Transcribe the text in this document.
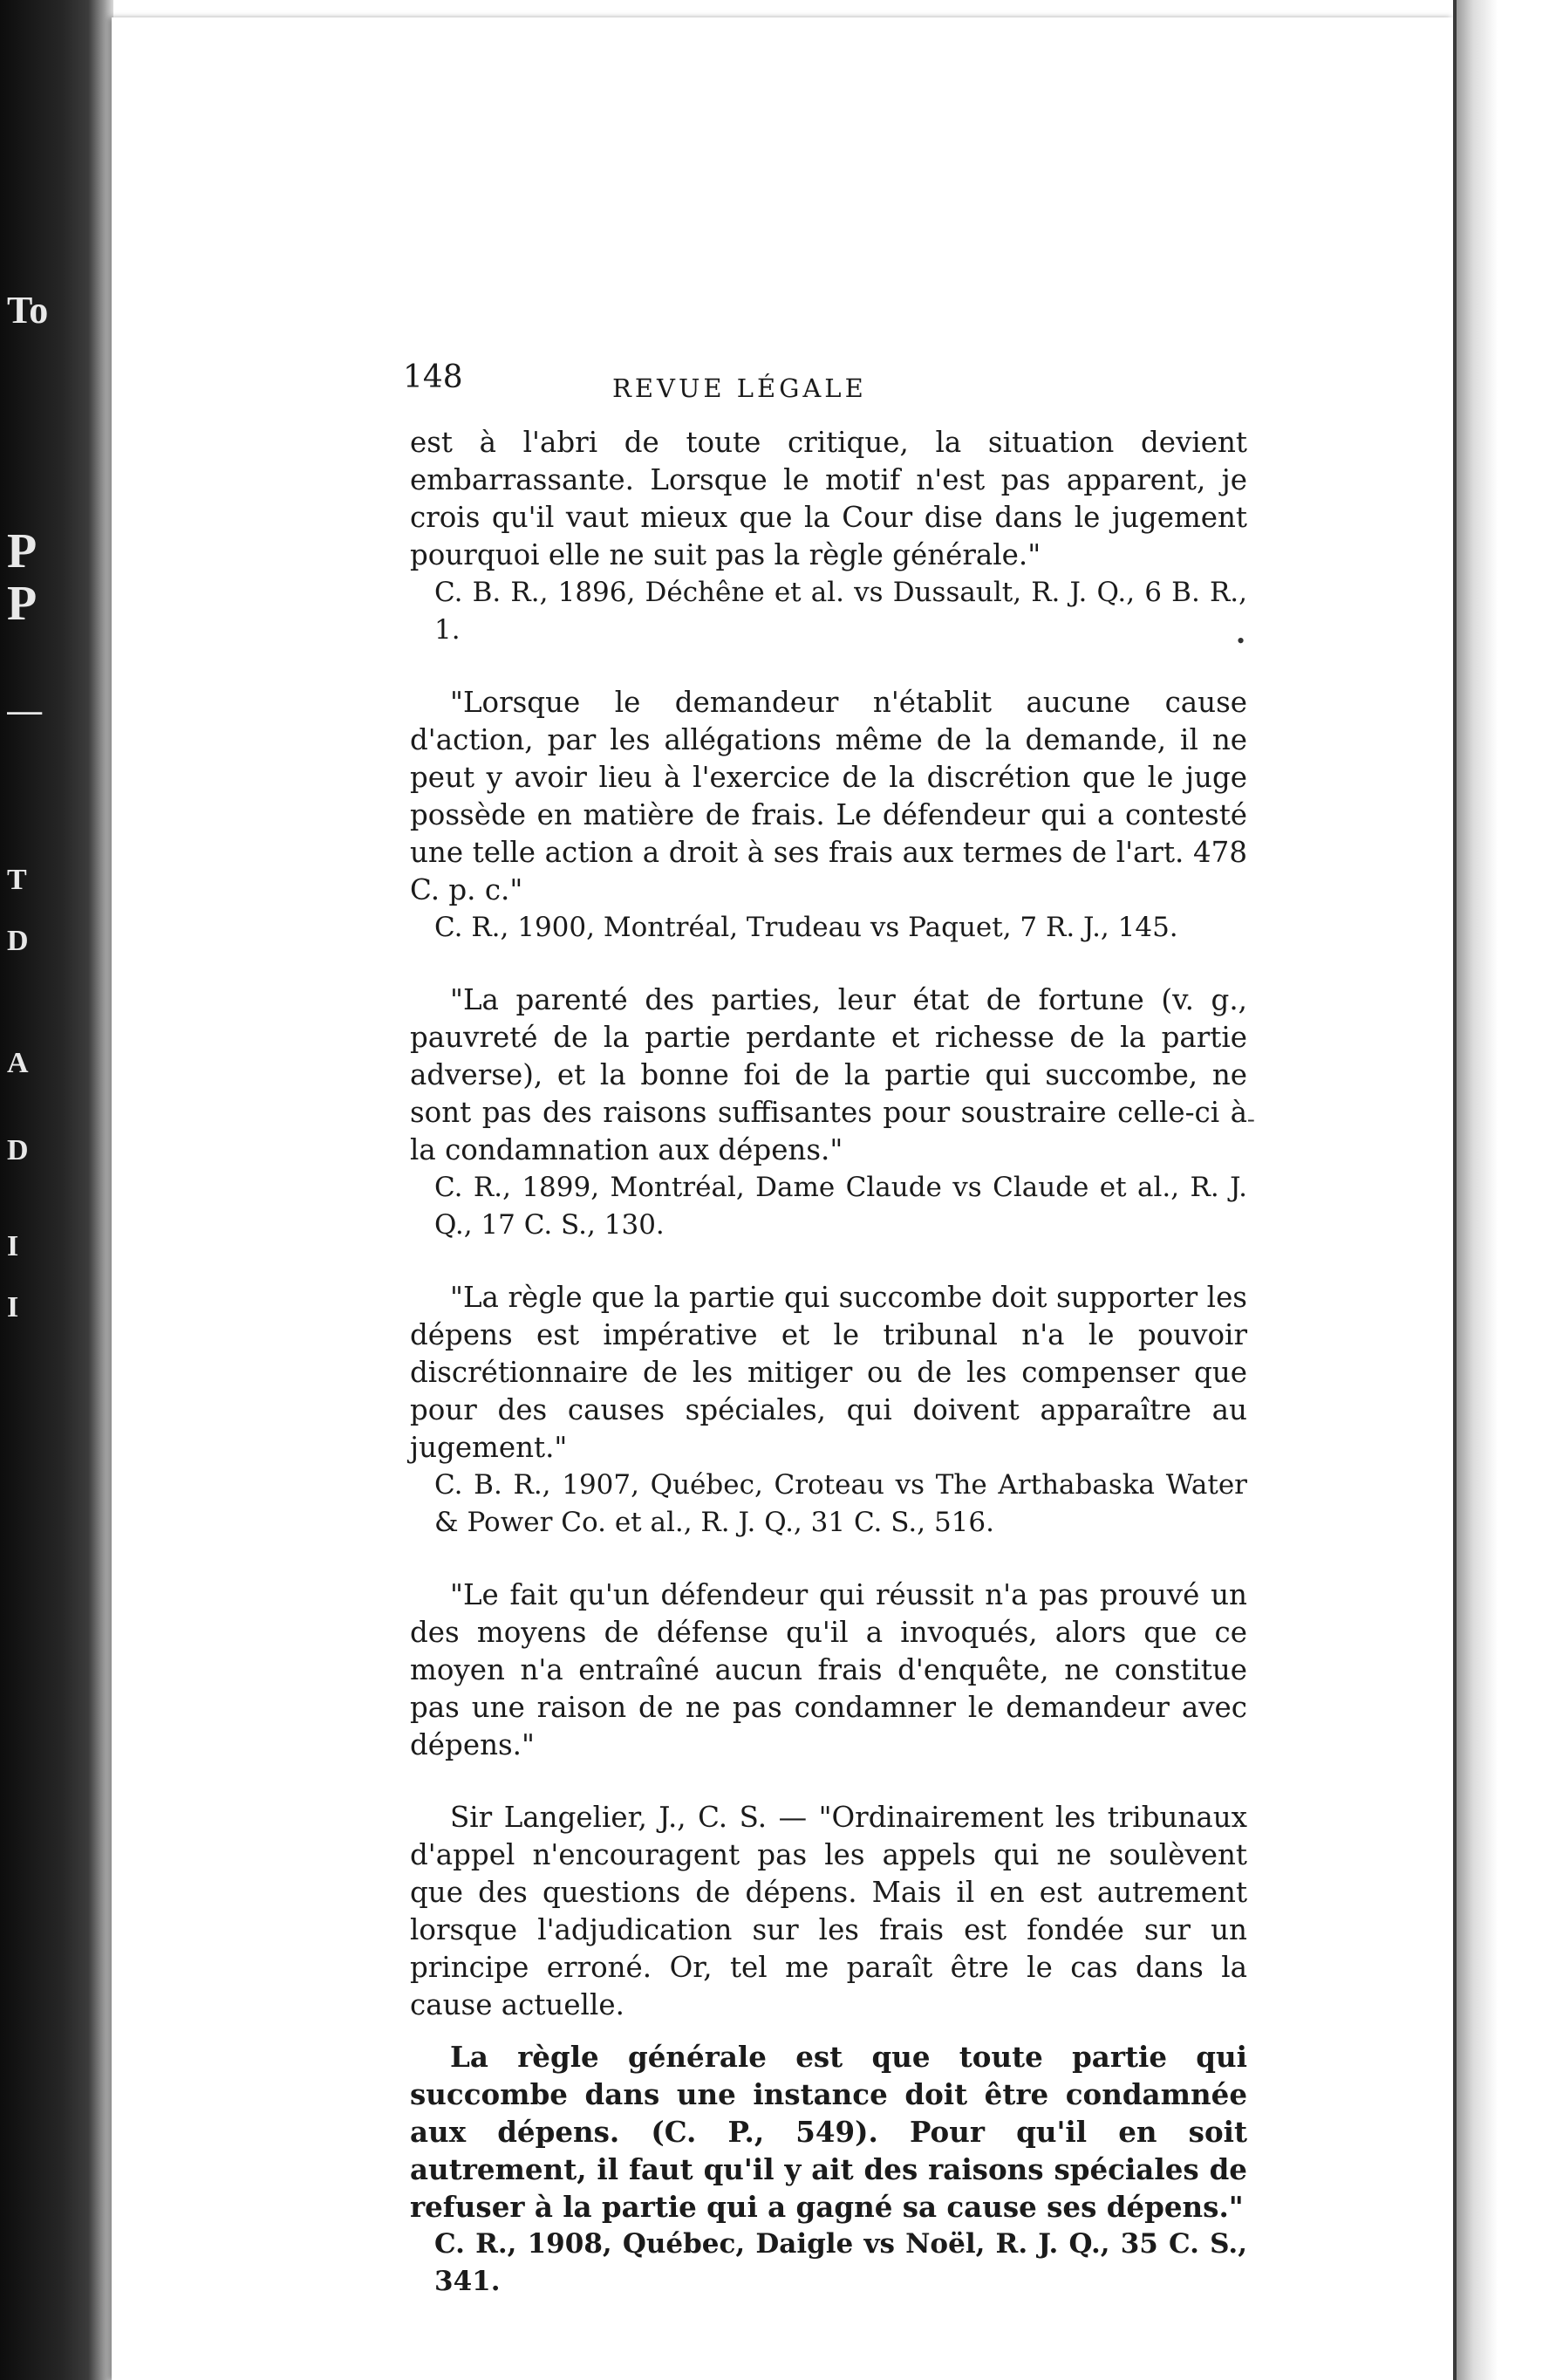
To
P
P
—
T
D
A
D
I
I
•
-
148	REVUE LÉGALE

est à l'abri de toute critique, la situation devient embarrassante. Lorsque le motif n'est pas apparent, je crois qu'il vaut mieux que la Cour dise dans le jugement pourquoi elle ne suit pas la règle générale."

C. B. R., 1896, Déchêne et al. vs Dussault, R. J. Q., 6 B. R., 1.

"Lorsque le demandeur n'établit aucune cause d'action, par les allégations même de la demande, il ne peut y avoir lieu à l'exercice de la discrétion que le juge possède en matière de frais. Le défendeur qui a contesté une telle action a droit à ses frais aux termes de l'art. 478 C. p. c."

C. R., 1900, Montréal, Trudeau vs Paquet, 7 R. J., 145.

"La parenté des parties, leur état de fortune (v. g., pauvreté de la partie perdante et richesse de la partie adverse), et la bonne foi de la partie qui succombe, ne sont pas des raisons suffisantes pour soustraire celle-ci à la condamnation aux dépens."

C. R., 1899, Montréal, Dame Claude vs Claude et al., R. J. Q., 17 C. S., 130.

"La règle que la partie qui succombe doit supporter les dépens est impérative et le tribunal n'a le pouvoir discrétionnaire de les mitiger ou de les compenser que pour des causes spéciales, qui doivent apparaître au jugement."

C. B. R., 1907, Québec, Croteau vs The Arthabaska Water & Power Co. et al., R. J. Q., 31 C. S., 516.

"Le fait qu'un défendeur qui réussit n'a pas prouvé un des moyens de défense qu'il a invoqués, alors que ce moyen n'a entraîné aucun frais d'enquête, ne constitue pas une raison de ne pas condamner le demandeur avec dépens."

Sir Langelier, J., C. S. — "Ordinairement les tribunaux d'appel n'encouragent pas les appels qui ne soulèvent que des questions de dépens. Mais il en est autrement lorsque l'adjudication sur les frais est fondée sur un principe erroné. Or, tel me paraît être le cas dans la cause actuelle.

La règle générale est que toute partie qui succombe dans une instance doit être condamnée aux dépens. (C. P., 549). Pour qu'il en soit autrement, il faut qu'il y ait des raisons spéciales de refuser à la partie qui a gagné sa cause ses dépens."

C. R., 1908, Québec, Daigle vs Noël, R. J. Q., 35 C. S., 341.
